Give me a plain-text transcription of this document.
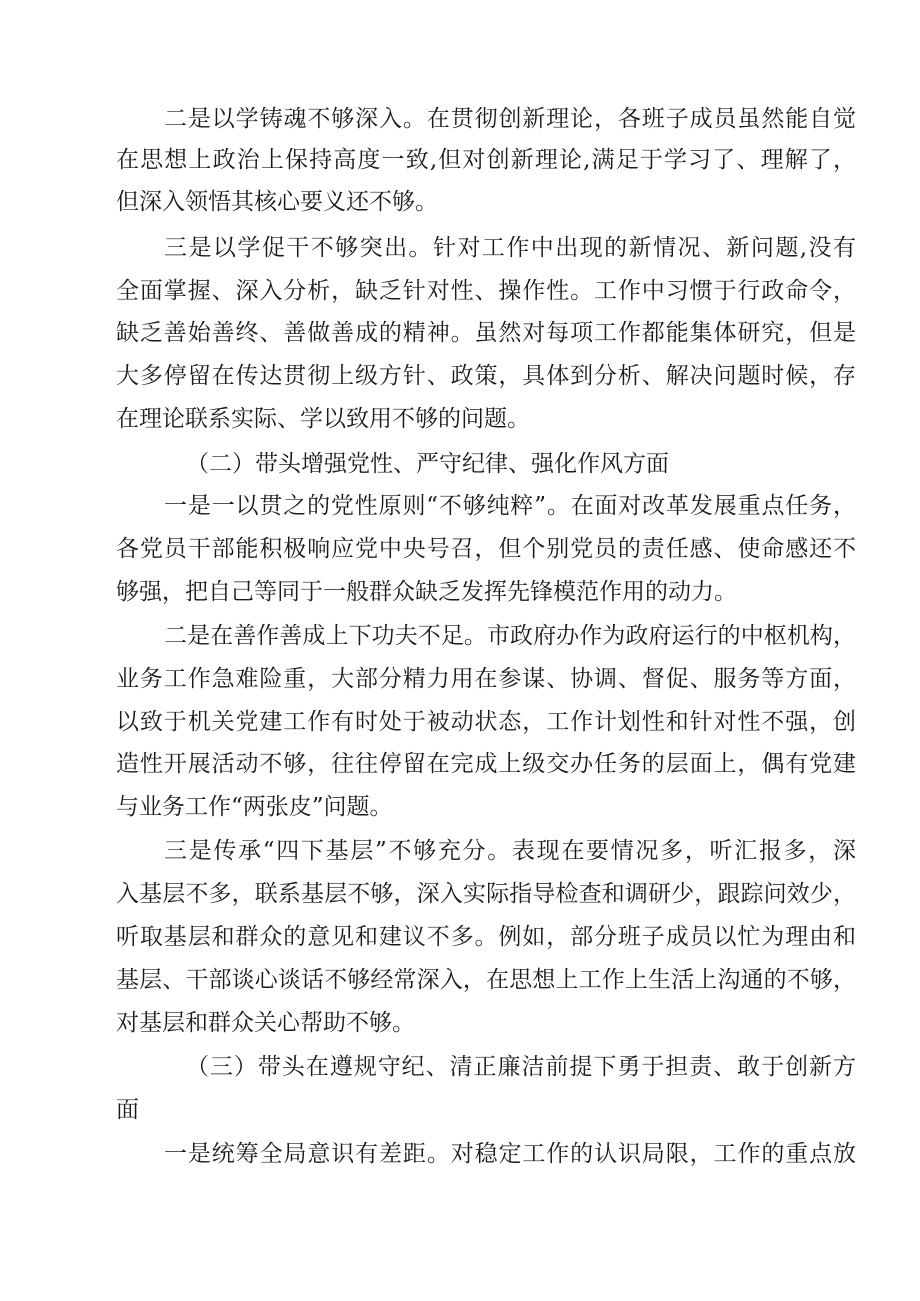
二是以学铸魂不够深入。在贯彻创新理论，各班子成员虽然能自觉
在思想上政治上保持高度一致,但对创新理论,满足于学习了、理解了，
但深入领悟其核心要义还不够。
三是以学促干不够突出。针对工作中出现的新情况、新问题,没有
全面掌握、深入分析，缺乏针对性、操作性。工作中习惯于行政命令，
缺乏善始善终、善做善成的精神。虽然对每项工作都能集体研究，但是
大多停留在传达贯彻上级方针、政策，具体到分析、解决问题时候，存
在理论联系实际、学以致用不够的问题。
（二）带头增强党性、严守纪律、强化作风方面
一是一以贯之的党性原则“不够纯粹”。在面对改革发展重点任务，
各党员干部能积极响应党中央号召，但个别党员的责任感、使命感还不
够强，把自己等同于一般群众缺乏发挥先锋模范作用的动力。
二是在善作善成上下功夫不足。市政府办作为政府运行的中枢机构，
业务工作急难险重，大部分精力用在参谋、协调、督促、服务等方面，
以致于机关党建工作有时处于被动状态，工作计划性和针对性不强，创
造性开展活动不够，往往停留在完成上级交办任务的层面上，偶有党建
与业务工作“两张皮”问题。
三是传承“四下基层”不够充分。表现在要情况多，听汇报多，深
入基层不多，联系基层不够，深入实际指导检查和调研少，跟踪问效少，
听取基层和群众的意见和建议不多。例如，部分班子成员以忙为理由和
基层、干部谈心谈话不够经常深入，在思想上工作上生活上沟通的不够，
对基层和群众关心帮助不够。
（三）带头在遵规守纪、清正廉洁前提下勇于担责、敢于创新方
面
一是统筹全局意识有差距。对稳定工作的认识局限，工作的重点放
